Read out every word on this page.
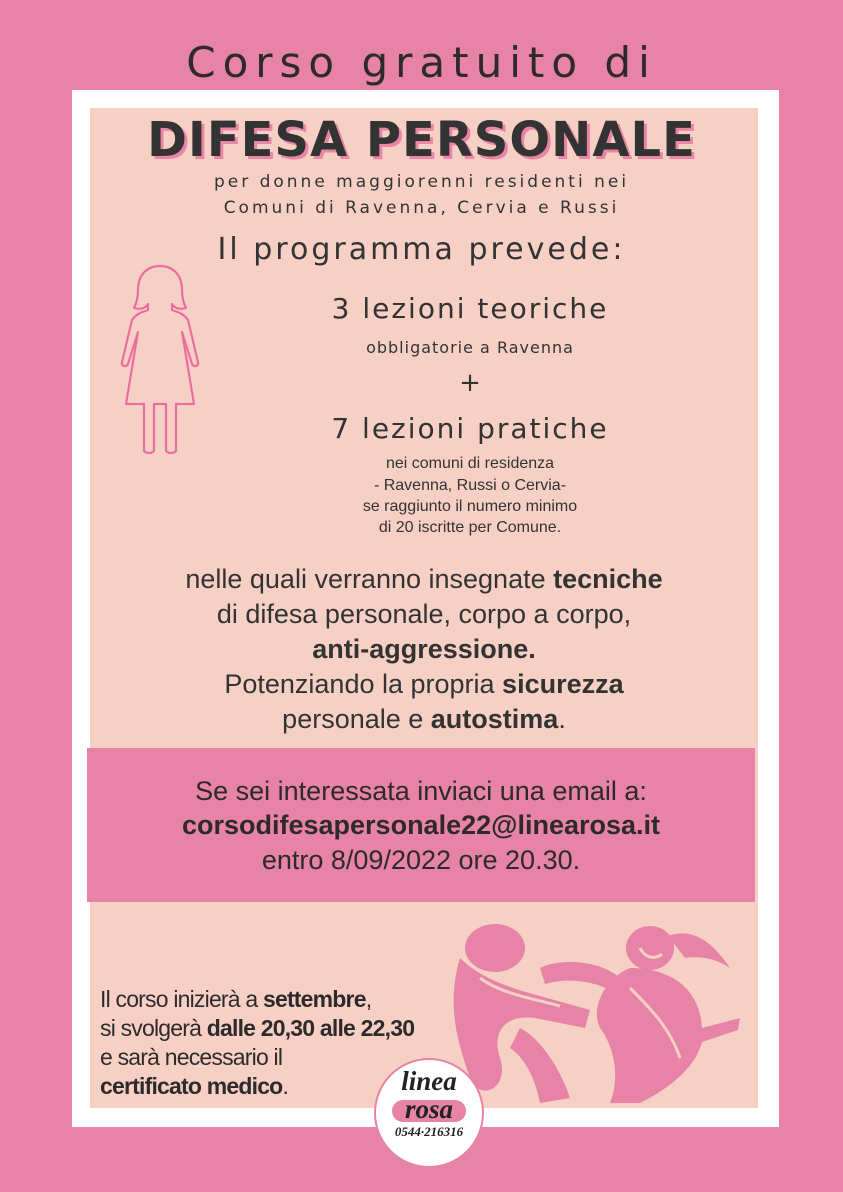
Corso gratuito di
DIFESA PERSONALE
per donne maggiorenni residenti nei
Comuni di Ravenna, Cervia e Russi
Il programma prevede:
3 lezioni teoriche
obbligatorie a Ravenna
+
7 lezioni pratiche
nei comuni di residenza
- Ravenna, Russi o Cervia-
se raggiunto il numero minimo
di 20 iscritte per Comune.
nelle quali verranno insegnate tecniche
di difesa personale, corpo a corpo,
anti-aggressione.
Potenziando la propria sicurezza
personale e autostima.
Se sei interessata inviaci una email a:
corsodifesapersonale22@linearosa.it
entro 8/09/2022 ore 20.30.
Il corso inizierà a settembre,
si svolgerà dalle 20,30 alle 22,30
e sarà necessario il
certificato medico.	linea
rosa
0544·216316
